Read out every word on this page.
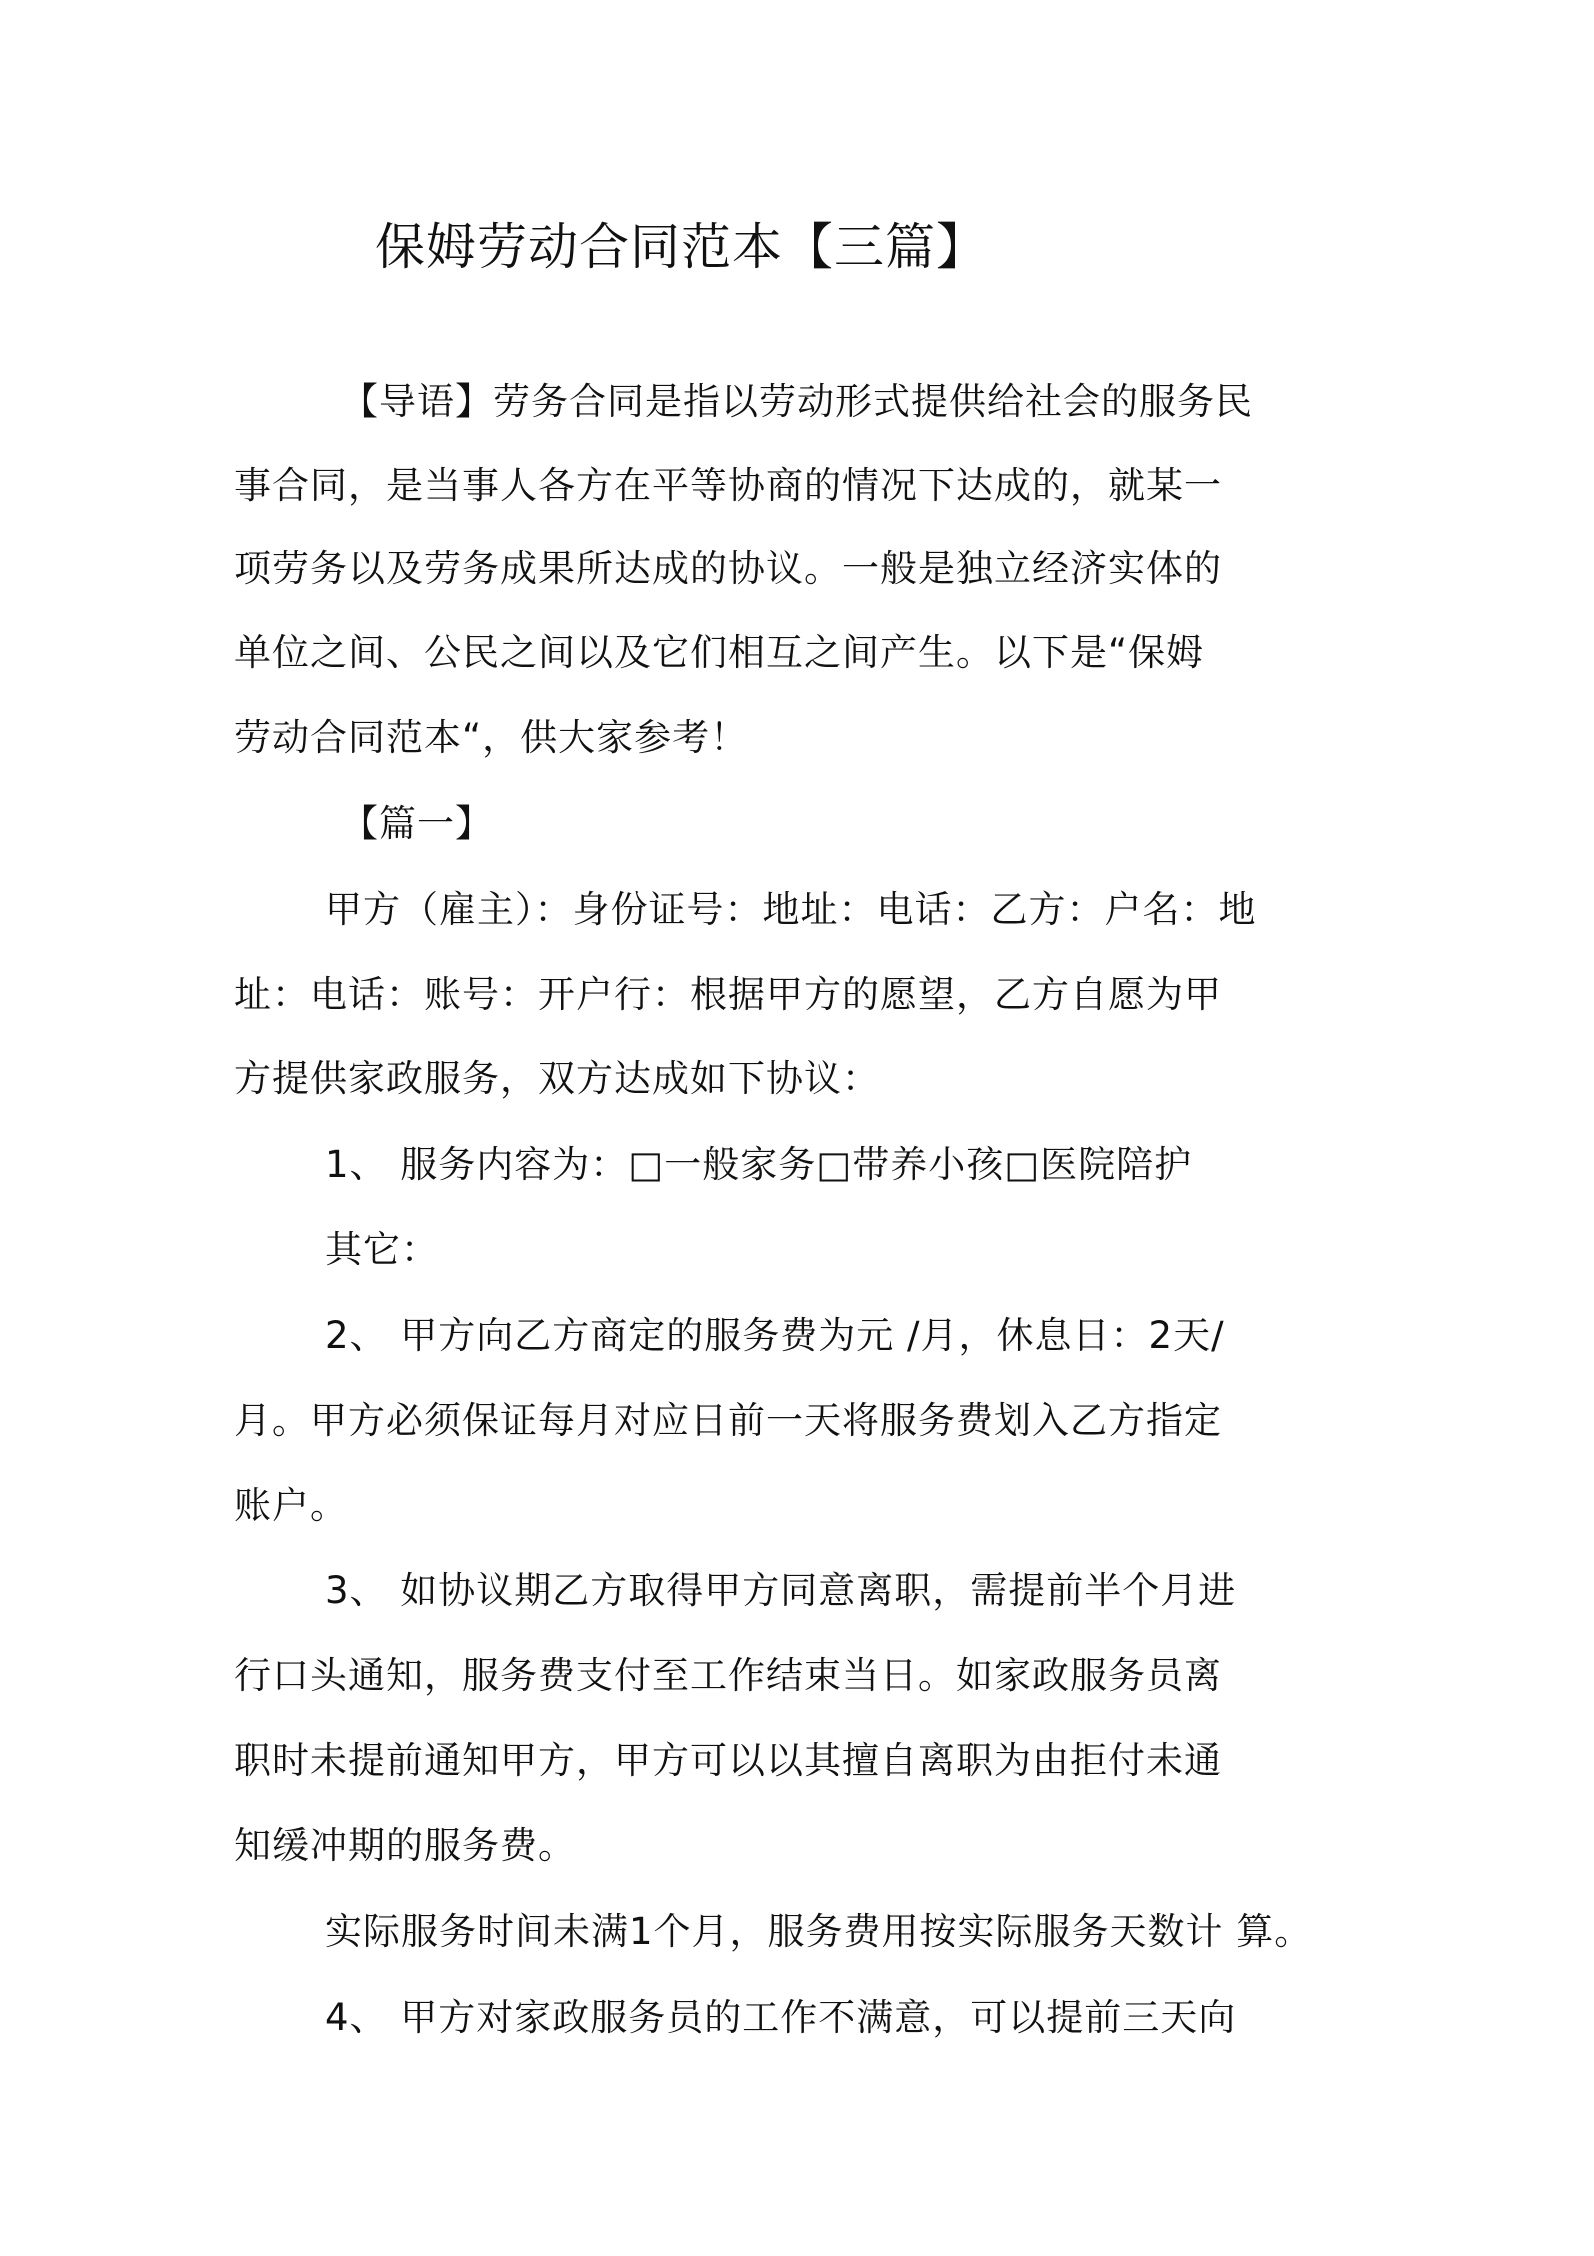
保姆劳动合同范本【三篇】
【导语】劳务合同是指以劳动形式提供给社会的服务民
事合同，是当事人各方在平等协商的情况下达成的，就某一
项劳务以及劳务成果所达成的协议。一般是独立经济实体的
单位之间、公民之间以及它们相互之间产生。以下是“保姆
劳动合同范本“，供大家参考！
【篇一】
甲方（雇主）：身份证号：地址：电话：乙方：户名：地
址：电话：账号：开户行：根据甲方的愿望，乙方自愿为甲
方提供家政服务，双方达成如下协议：
1、 服务内容为：□一般家务□带养小孩□医院陪护
其它：
2、 甲方向乙方商定的服务费为元 /月，休息日：2天/
月。甲方必须保证每月对应日前一天将服务费划入乙方指定
账户。
3、 如协议期乙方取得甲方同意离职，需提前半个月进
行口头通知，服务费支付至工作结束当日。如家政服务员离
职时未提前通知甲方，甲方可以以其擅自离职为由拒付未通
知缓冲期的服务费。
实际服务时间未满1个月，服务费用按实际服务天数计 算。
4、 甲方对家政服务员的工作不满意，可以提前三天向
